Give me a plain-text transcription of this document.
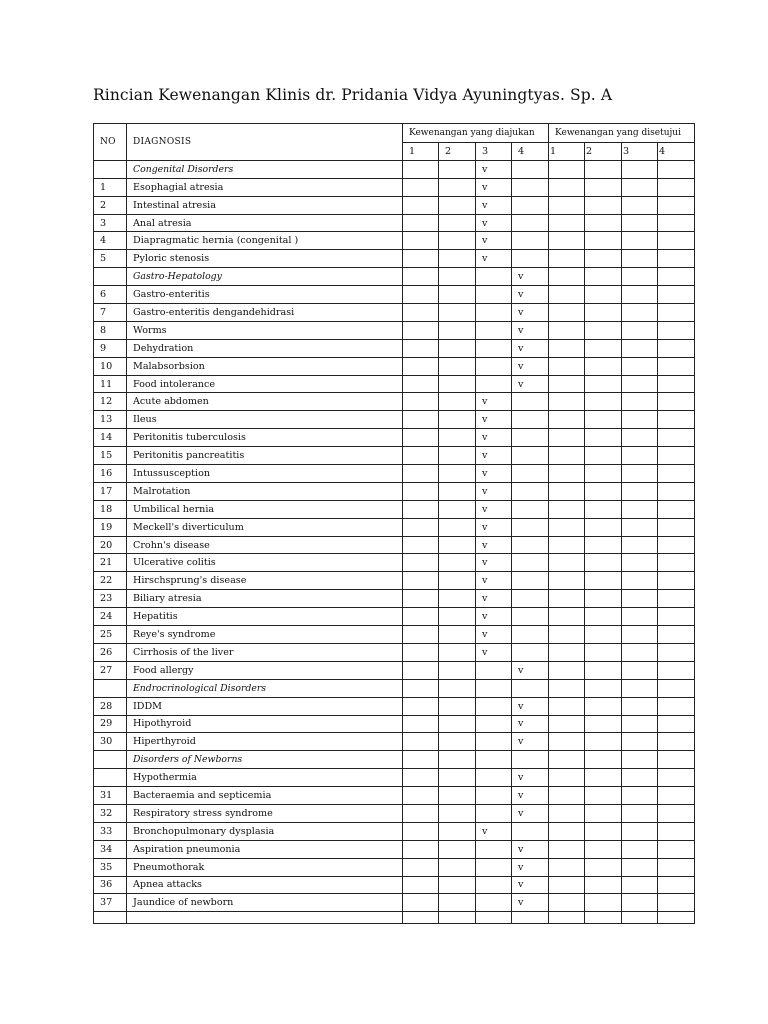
Rincian Kewenangan Klinis dr. Pridania Vidya Ayuningtyas. Sp. A
NO	DIAGNOSIS	Kewenangan yang diajukan				Kewenangan yang disetujui			
		1	2	3	4	1	2	3	4
	Congenital Disorders			v					
1	Esophagial atresia			v					
2	Intestinal atresia			v					
3	Anal atresia			v					
4	Diapragmatic hernia (congenital )			v					
5	Pyloric stenosis			v					
	Gastro-Hepatology				v				
6	Gastro-enteritis				v				
7	Gastro-enteritis dengandehidrasi				v				
8	Worms				v				
9	Dehydration				v				
10	Malabsorbsion				v				
11	Food intolerance				v				
12	Acute abdomen			v					
13	Ileus			v					
14	Peritonitis tuberculosis			v					
15	Peritonitis pancreatitis			v					
16	Intussusception			v					
17	Malrotation			v					
18	Umbilical hernia			v					
19	Meckell's diverticulum			v					
20	Crohn's disease			v					
21	Ulcerative colitis			v					
22	Hirschsprung's disease			v					
23	Biliary atresia			v					
24	Hepatitis			v					
25	Reye's syndrome			v					
26	Cirrhosis of the liver			v					
27	Food allergy				v				
	Endrocrinological Disorders								
28	IDDM				v				
29	Hipothyroid				v				
30	Hiperthyroid				v				
	Disorders of Newborns								
	Hypothermia				v				
31	Bacteraemia and septicemia				v				
32	Respiratory stress syndrome				v				
33	Bronchopulmonary dysplasia			v					
34	Aspiration pneumonia				v				
35	Pneumothorak				v				
36	Apnea attacks				v				
37	Jaundice of newborn				v				
